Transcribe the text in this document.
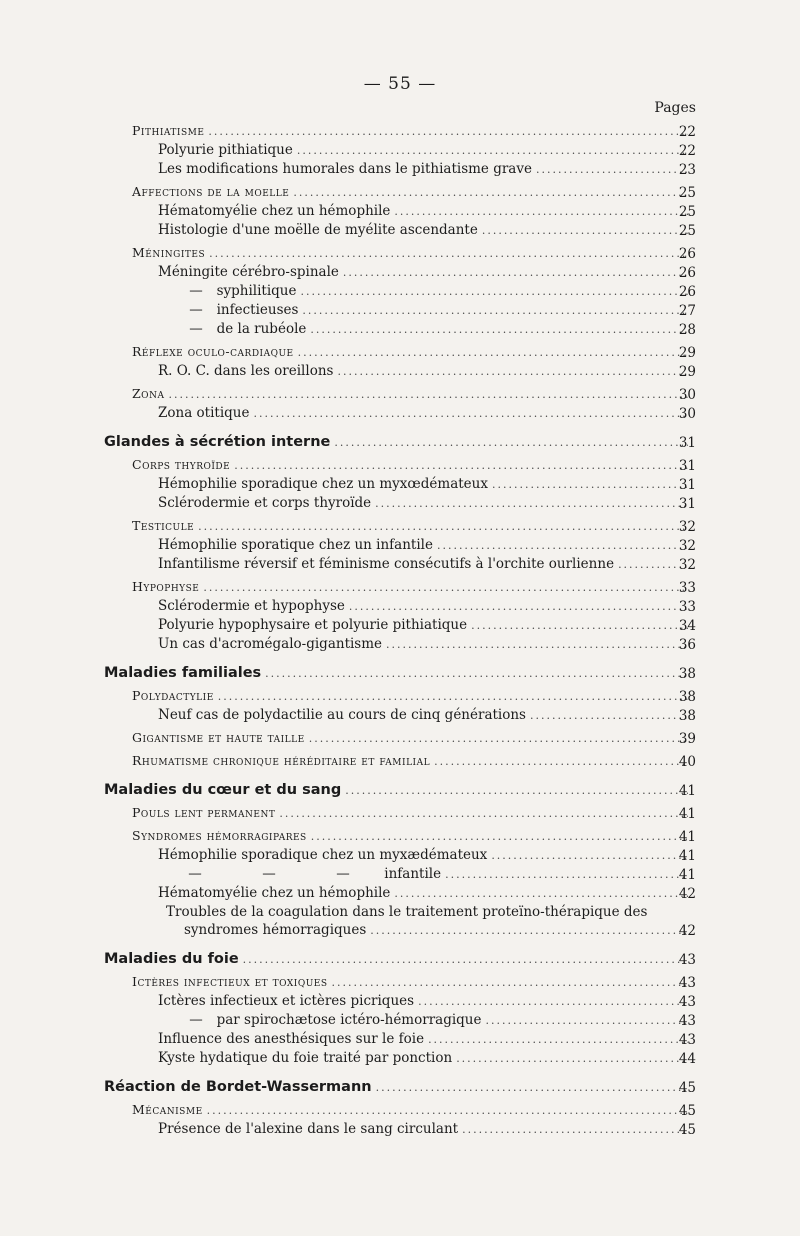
— 55 —
Pages
Pithiatisme .....	22
Polyurie pithiatique .....	22
Les modifications humorales dans le pithiatisme grave .....	23
Affections de la moelle .....	25
Hématomyélie chez un hémophile .....	25
Histologie d'une moëlle de myélite ascendante .....	25
Méningites .....	26
Méningite cérébro-spinale .....	26
—  syphilitique .....	26
—  infectieuses .....	27
—  de la rubéole .....	28
Réflexe oculo-cardiaque .....	29
R. O. C. dans les oreillons .....	29
Zona .....	30
Zona otitique .....	30
Glandes à sécrétion interne .....	31
Corps thyroïde .....	31
Hémophilie sporadique chez un myxœdémateux .....	31
Sclérodermie et corps thyroïde .....	31
Testicule .....	32
Hémophilie sporatique chez un infantile .....	32
Infantilisme réversif et féminisme consécutifs à l'orchite ourlienne .....	32
Hypophyse .....	33
Sclérodermie et hypophyse .....	33
Polyurie hypophysaire et polyurie pithiatique .....	34
Un cas d'acromégalo-gigantisme .....	36
Maladies familiales .....	38
Polydactylie .....	38
Neuf cas de polydactilie au cours de cinq générations .....	38
Gigantisme et haute taille .....	39
Rhumatisme chronique héréditaire et familial .....	40
Maladies du cœur et du sang .....	41
Pouls lent permanent .....	41
Syndromes hémorragipares .....	41
Hémophilie sporadique chez un myxædémateux .....	41
—	—	— infantile .....	41
Hématomyélie chez un hémophile .....	42
Troubles de la coagulation dans le traitement proteïno-thérapique des
syndromes hémorragiques .....	42
Maladies du foie .....	43
Ictères infectieux et toxiques .....	43
Ictères infectieux et ictères picriques .....	43
—  par spirochætose ictéro-hémorragique .....	43
Influence des anesthésiques sur le foie .....	43
Kyste hydatique du foie traité par ponction .....	44
Réaction de Bordet-Wassermann .....	45
Mécanisme .....	45
Présence de l'alexine dans le sang circulant .....	45
